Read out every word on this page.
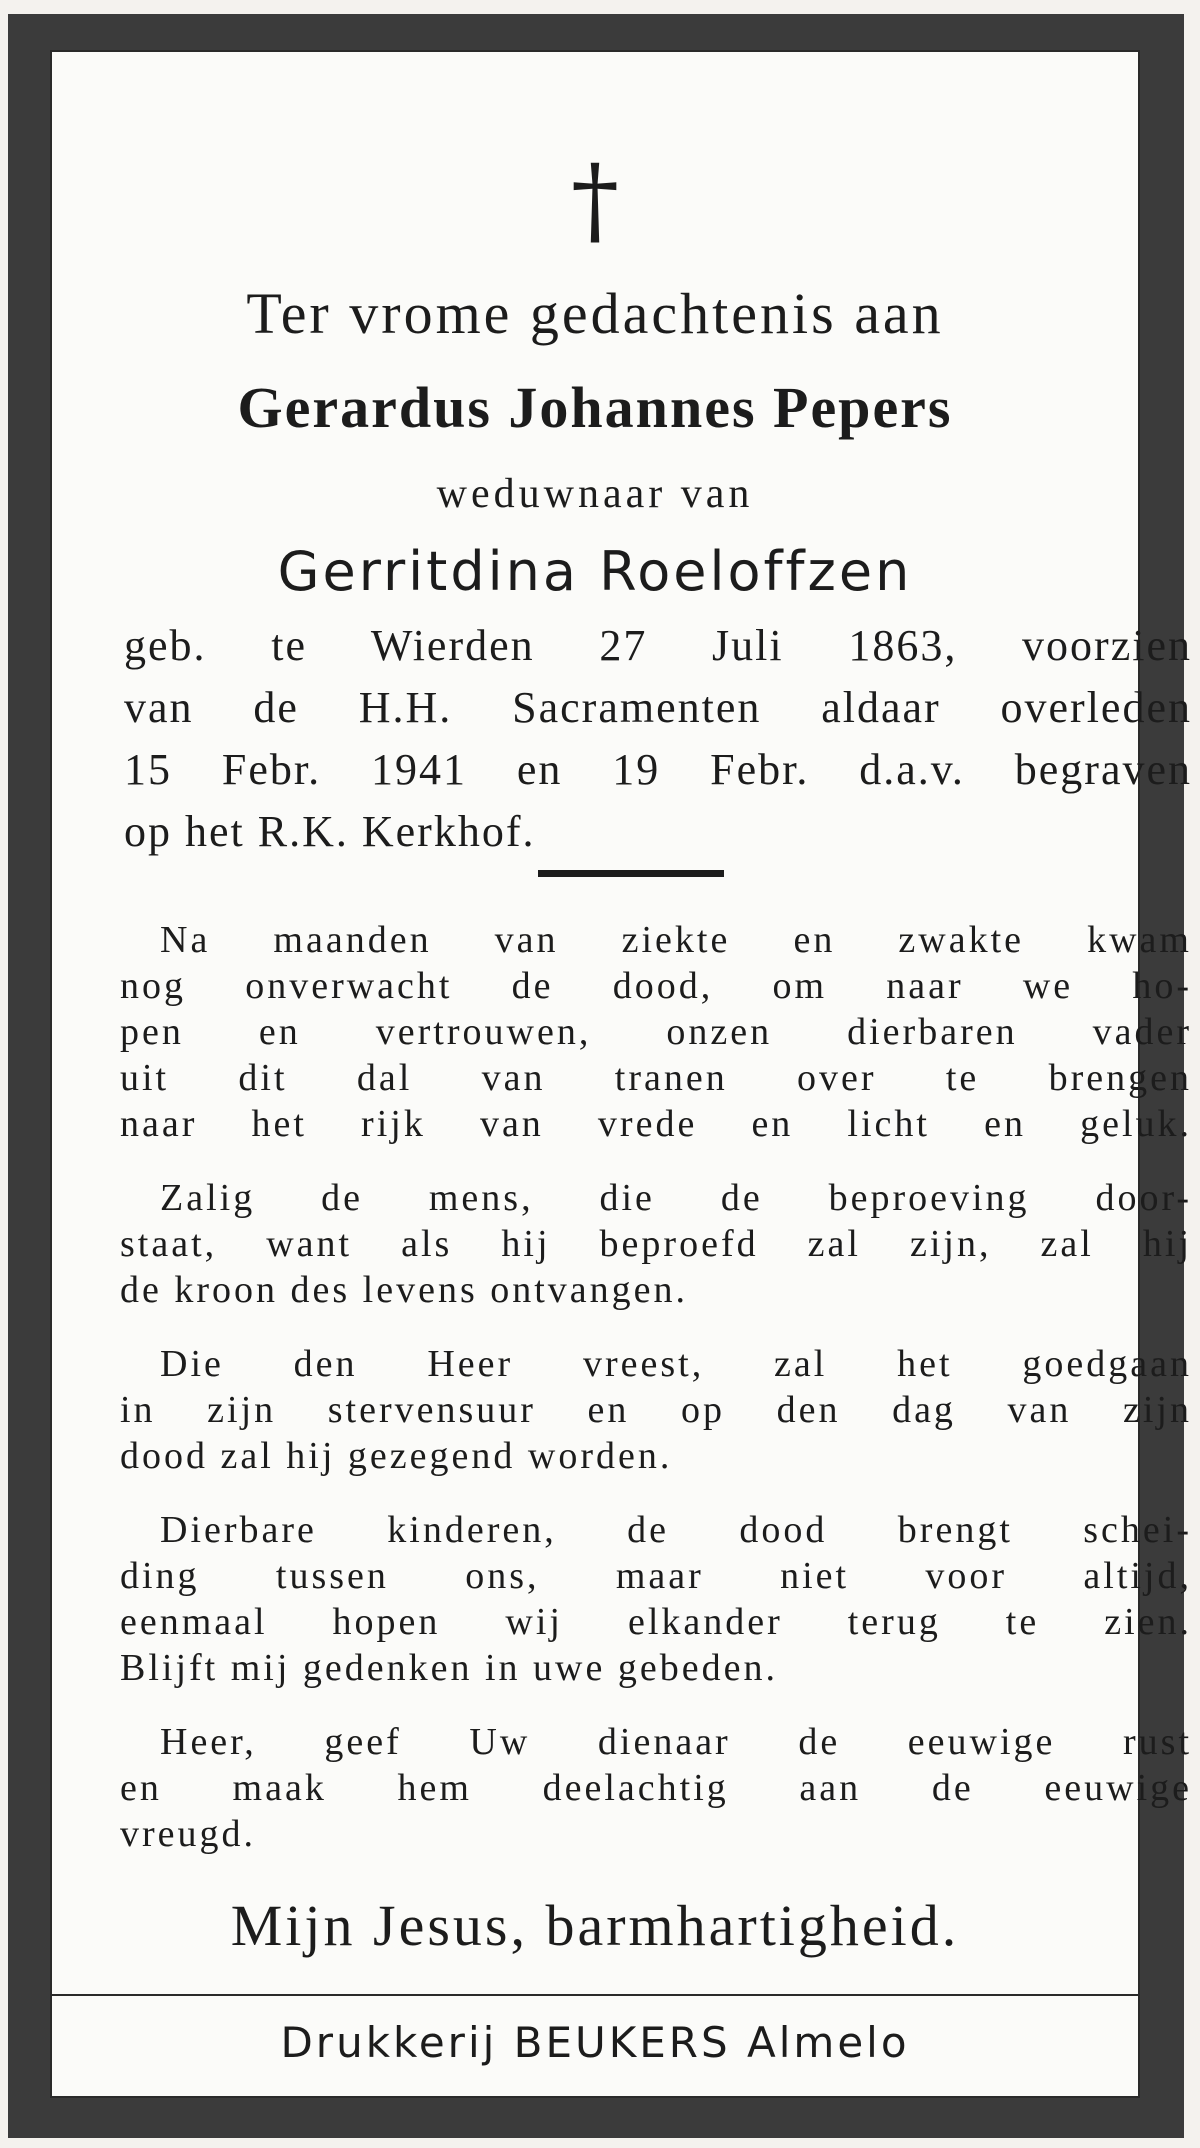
†
Ter vrome gedachtenis aan
Gerardus Johannes Pepers
weduwnaar van
Gerritdina Roeloffzen
geb. te Wierden 27 Juli 1863, voorzien
van de H.H. Sacramenten aldaar overleden
15 Febr. 1941 en 19 Febr. d.a.v. begraven
op het R.K. Kerkhof.
Na maanden van ziekte en zwakte kwam
nog onverwacht de dood, om naar we ho-
pen en vertrouwen, onzen dierbaren vader
uit dit dal van tranen over te brengen
naar het rijk van vrede en licht en geluk.
Zalig de mens, die de beproeving door-
staat, want als hij beproefd zal zijn, zal hij
de kroon des levens ontvangen.
Die den Heer vreest, zal het goedgaan
in zijn stervensuur en op den dag van zijn
dood zal hij gezegend worden.
Dierbare kinderen, de dood brengt schei-
ding tussen ons, maar niet voor altijd,
eenmaal hopen wij elkander terug te zien.
Blijft mij gedenken in uwe gebeden.
Heer, geef Uw dienaar de eeuwige rust
en maak hem deelachtig aan de eeuwige
vreugd.
Mijn Jesus, barmhartigheid.
Drukkerij BEUKERS Almelo
